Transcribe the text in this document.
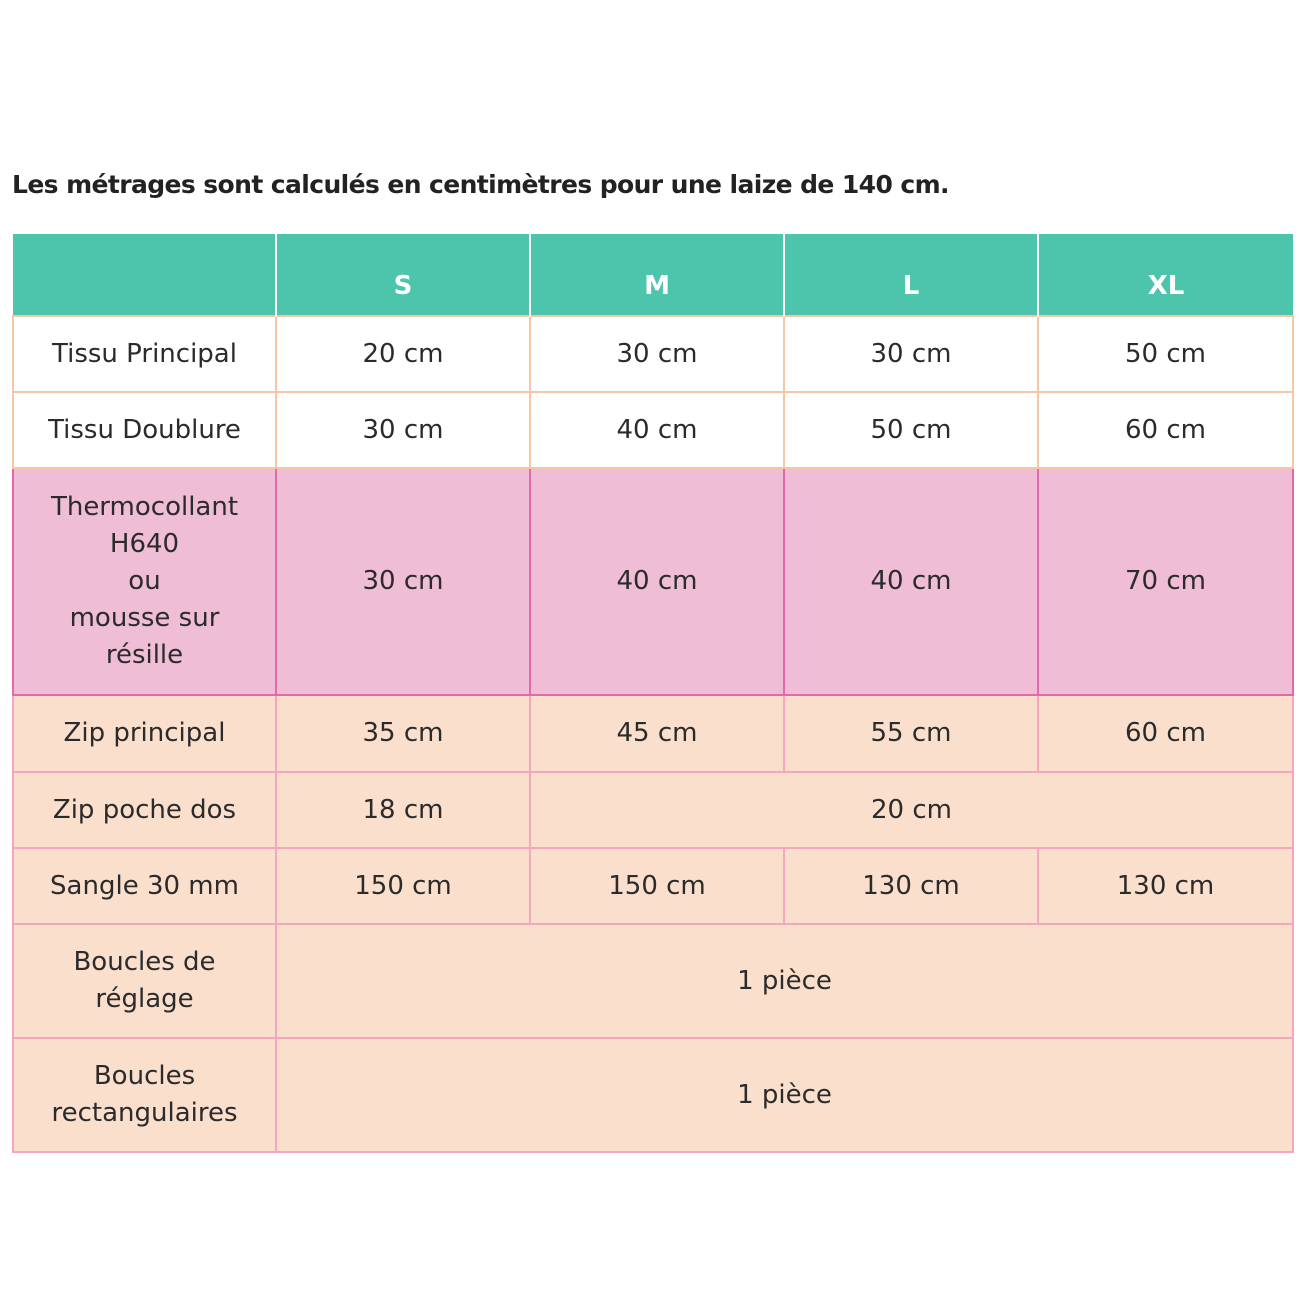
Les métrages sont calculés en centimètres pour une laize de 140 cm.
	S	M	L	XL
Tissu Principal	20 cm	30 cm	30 cm	50 cm
Tissu Doublure	30 cm	40 cm	50 cm	60 cm

Thermocollant
H640
ou
mousse sur
résille	30 cm	40 cm	40 cm	70 cm
Zip principal	35 cm	45 cm	55 cm	60 cm
Zip poche dos	18 cm	20 cm		
Sangle 30 mm	150 cm	150 cm	130 cm	130 cm

Boucles de
réglage	1 pièce			

Boucles
rectangulaires	1 pièce			
